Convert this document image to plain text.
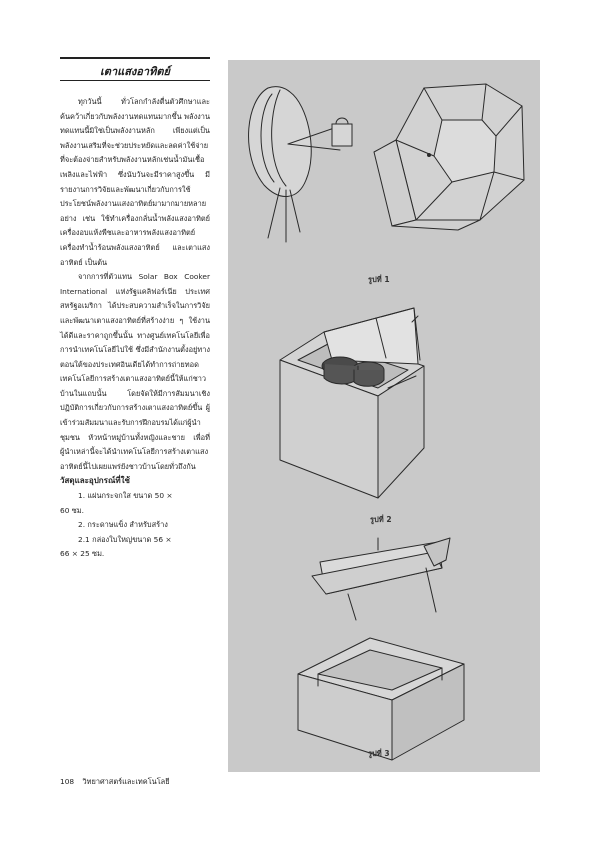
เตาแสงอาทิตย์

ทุกวันนี้ ทั่วโลกกำลังตื่นตัวศึกษาและค้นคว้าเกี่ยวกับพลังงานทดแทนมากขึ้น พลังงานทดแทนนี้มิใช่เป็นพลังงานหลัก เพียงแต่เป็นพลังงานเสริมที่จะช่วยประหยัดและลดค่าใช้จ่ายที่จะต้องจ่ายสำหรับพลังงานหลักเช่นน้ำมันเชื้อเพลิงและไฟฟ้า ซึ่งนับวันจะมีราคาสูงขึ้น มีรายงานการวิจัยและพัฒนาเกี่ยวกับการใช้ประโยชน์พลังงานแสงอาทิตย์มามากมายหลายอย่าง เช่น ใช้ทำเครื่องกลั่นน้ำพลังแสงอาทิตย์ เครื่องอบแห้งพืชและอาหารพลังแสงอาทิตย์ เครื่องทำน้ำร้อนพลังแสงอาทิตย์ และเตาแสงอาทิตย์ เป็นต้น

จากการที่ตัวแทน Solar Box Cooker International แห่งรัฐแคลิฟอร์เนีย ประเทศสหรัฐอเมริกา ได้ประสบความสำเร็จในการวิจัยและพัฒนาเตาแสงอาทิตย์ที่สร้างง่าย ๆ ใช้งานได้ดีและราคาถูกขึ้นนั้น ทางศูนย์เทคโนโลยีเพื่อการนำเทคโนโลยีไปใช้ ซึ่งมีสำนักงานตั้งอยู่ทางตอนใต้ของประเทศอินเดียได้ทำการถ่ายทอดเทคโนโลยีการสร้างเตาแสงอาทิตย์นี้ให้แก่ชาวบ้านในแถบนั้น โดยจัดให้มีการสัมมนาเชิงปฏิบัติการเกี่ยวกับการสร้างเตาแสงอาทิตย์ขึ้น ผู้เข้าร่วมสัมมนาและรับการฝึกอบรมได้แก่ผู้นำชุมชน หัวหน้าหมู่บ้านทั้งหญิงและชาย เพื่อที่ผู้นำเหล่านี้จะได้นำเทคโนโลยีการสร้างเตาแสงอาทิตย์นี้ไปเผยแพร่ยังชาวบ้านโดยทั่วถึงกัน

วัสดุและอุปกรณ์ที่ใช้

1. แผ่นกระจกใส ขนาด 50 ×

60 ซม.

2. กระดาษแข็ง สำหรับสร้าง

2.1 กล่องใบใหญ่ขนาด 56 ×

66 × 25 ซม.

108 วิทยาศาสตร์และเทคโนโลยี
รูปที่ 1
รูปที่ 2
รูปที่ 3
